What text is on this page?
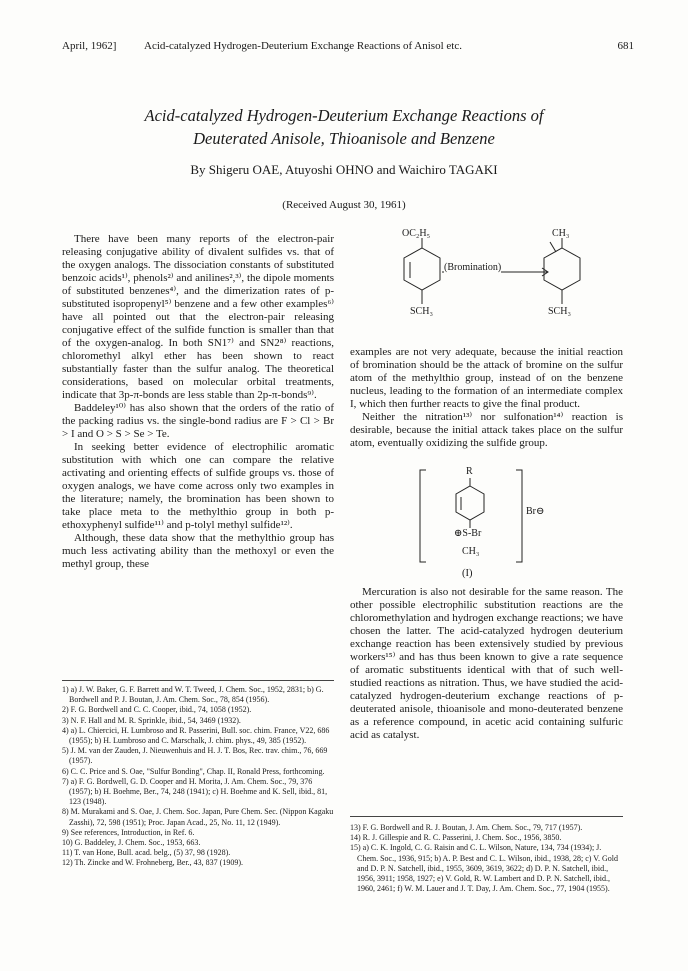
April, 1962]	Acid-catalyzed Hydrogen-Deuterium Exchange Reactions of Anisol etc.	681
Acid-catalyzed Hydrogen-Deuterium Exchange Reactions of
Deuterated Anisole, Thioanisole and Benzene
By Shigeru OAE, Atuyoshi OHNO and Waichiro TAGAKI
(Received August 30, 1961)

There have been many reports of the electron-pair releasing conjugative ability of divalent sulfides vs. that of the oxygen analogs. The dissociation constants of substituted benzoic acids¹⁾, phenols²⁾ and anilines²,³⁾, the dipole moments of substituted benzenes⁴⁾, and the dimerization rates of p-substituted isopropenyl⁵⁾ benzene and a few other examples⁶⁾ have all pointed out that the electron-pair releasing conjugative effect of the sulfide function is smaller than that of the oxygen-analog. In both SN1⁷⁾ and SN2⁸⁾ reactions, chloromethyl alkyl ether has been shown to react substantially faster than the sulfur analog. The theoretical considerations, based on molecular orbital treatments, indicate that 3p-π-bonds are less stable than 2p-π-bonds⁹⁾.

Baddeley¹⁰⁾ has also shown that the orders of the ratio of the packing radius vs. the single-bond radius are F > Cl > Br > I and O > S > Se > Te.

In seeking better evidence of electrophilic aromatic substitution with which one can compare the relative activating and orienting effects of sulfide groups vs. those of oxygen analogs, we have come across only two examples in the literature; namely, the bromination has been shown to take place meta to the methylthio group in both p-ethoxyphenyl sulfide¹¹⁾ and p-tolyl methyl sulfide¹²⁾.

Although, these data show that the methylthio group has much less activating ability than the methoxyl or even the methyl group, these

1) a) J. W. Baker, G. F. Barrett and W. T. Tweed, J. Chem. Soc., 1952, 2831; b) G. Bordwell and P. J. Boutan, J. Am. Chem. Soc., 78, 854 (1956).
2) F. G. Bordwell and C. C. Cooper, ibid., 74, 1058 (1952).
3) N. F. Hall and M. R. Sprinkle, ibid., 54, 3469 (1932).
4) a) L. Chiercici, H. Lumbroso and R. Passerini, Bull. soc. chim. France, V22, 686 (1955); b) H. Lumbroso and C. Marschalk, J. chim. phys., 49, 385 (1952).
5) J. M. van der Zauden, J. Nieuwenhuis and H. J. T. Bos, Rec. trav. chim., 76, 669 (1957).
6) C. C. Price and S. Oae, "Sulfur Bonding", Chap. II, Ronald Press, forthcoming.
7) a) F. G. Bordwell, G. D. Cooper and H. Morita, J. Am. Chem. Soc., 79, 376 (1957); b) H. Boehme, Ber., 74, 248 (1941); c) H. Boehme and K. Sell, ibid., 81, 123 (1948).
8) M. Murakami and S. Oae, J. Chem. Soc. Japan, Pure Chem. Sec. (Nippon Kagaku Zasshi), 72, 598 (1951); Proc. Japan Acad., 25, No. 11, 12 (1949).
9) See references, Introduction, in Ref. 6.
10) G. Baddeley, J. Chem. Soc., 1953, 663.
11) T. van Hone, Bull. acad. belg., (5) 37, 98 (1928).
12) Th. Zincke and W. Frohneberg, Ber., 43, 837 (1909).
OC₂H₅	CH₃
(Bromination)
SCH₃	SCH₃

examples are not very adequate, because the initial reaction of bromination should be the attack of bromine on the sulfur atom of the methylthio group, instead of on the benzene nucleus, leading to the formation of an intermediate complex I, which then further reacts to give the final product.

Neither the nitration¹³⁾ nor sulfonation¹⁴⁾ reaction is desirable, because the initial attack takes place on the sulfur atom, eventually oxidizing the sulfide group.

R
Br⊖
⊕S-Br
CH₃
(I)

Mercuration is also not desirable for the same reason. The other possible electrophilic substitution reactions are the chloromethylation and hydrogen exchange reactions; we have chosen the latter. The acid-catalyzed hydrogen deuterium exchange reaction has been extensively studied by previous workers¹⁵⁾ and has thus been known to give a rate sequence of aromatic substituents identical with that of such well-studied reactions as nitration. Thus, we have studied the acid-catalyzed hydrogen-deuterium exchange reactions of p-deuterated anisole, thioanisole and mono-deuterated benzene as a reference compound, in acetic acid containing sulfuric acid as catalyst.

13) F. G. Bordwell and R. J. Boutan, J. Am. Chem. Soc., 79, 717 (1957).
14) R. J. Gillespie and R. C. Passerini, J. Chem. Soc., 1956, 3850.
15) a) C. K. Ingold, C. G. Raisin and C. L. Wilson, Nature, 134, 734 (1934); J. Chem. Soc., 1936, 915; b) A. P. Best and C. L. Wilson, ibid., 1938, 28; c) V. Gold and D. P. N. Satchell, ibid., 1955, 3609, 3619, 3622; d) D. P. N. Satchell, ibid., 1956, 3911; 1958, 1927; e) V. Gold, R. W. Lambert and D. P. N. Satchell, ibid., 1960, 2461; f) W. M. Lauer and J. T. Day, J. Am. Chem. Soc., 77, 1904 (1955).
